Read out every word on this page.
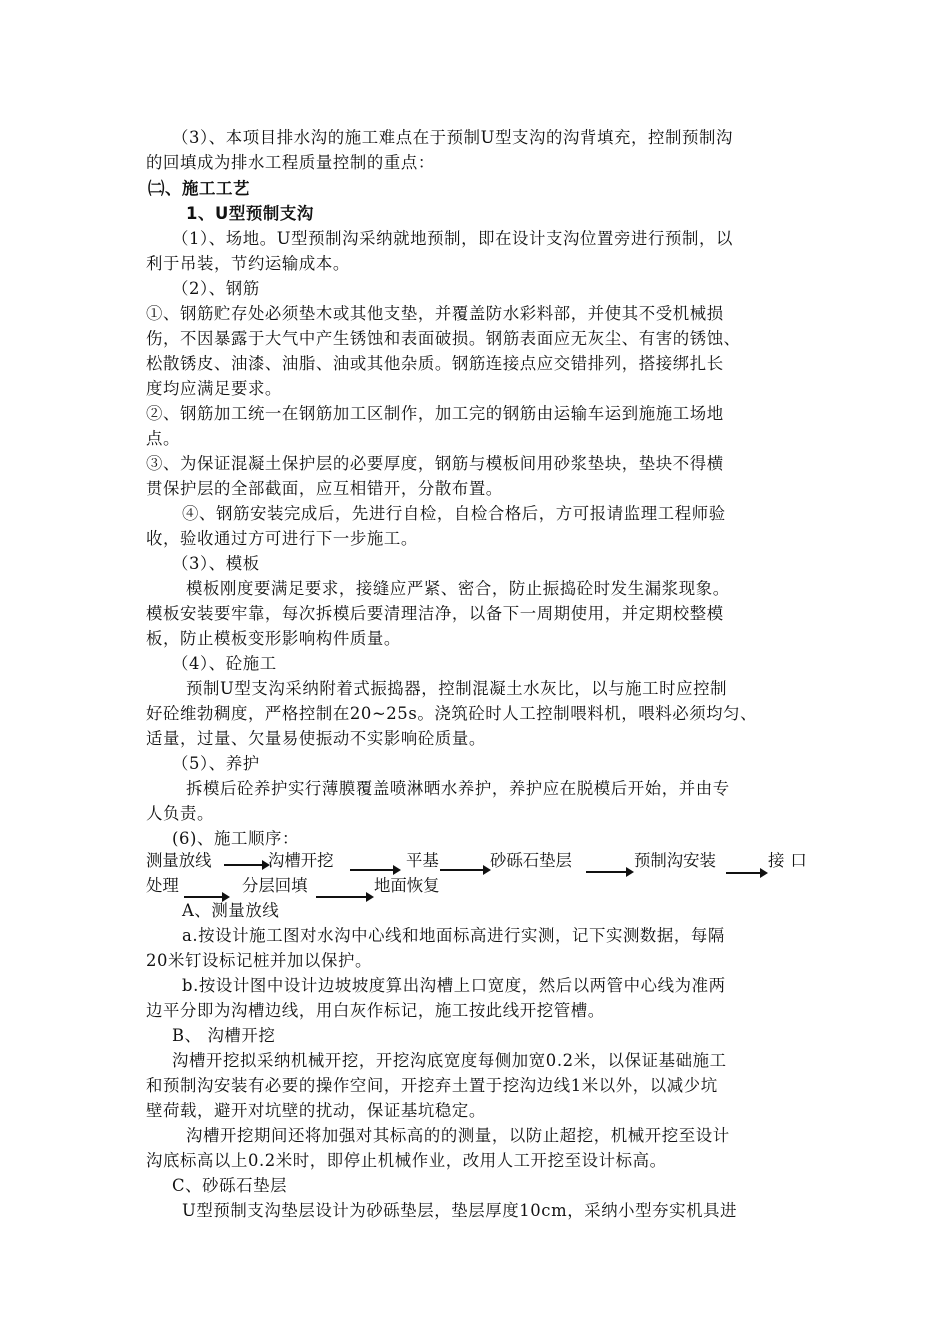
（3）、本项目排水沟的施工难点在于预制U型支沟的沟背填充，控制预制沟
的回填成为排水工程质量控制的重点：
㈡、施工工艺
1、U型预制支沟
（1）、场地。U型预制沟采纳就地预制，即在设计支沟位置旁进行预制，以
利于吊装，节约运输成本。
（2）、钢筋
①、钢筋贮存处必须垫木或其他支垫，并覆盖防水彩料部，并使其不受机械损
伤，不因暴露于大气中产生锈蚀和表面破损。钢筋表面应无灰尘、有害的锈蚀、
松散锈皮、油漆、油脂、油或其他杂质。钢筋连接点应交错排列，搭接绑扎长
度均应满足要求。
②、钢筋加工统一在钢筋加工区制作，加工完的钢筋由运输车运到施施工场地
点。
③、为保证混凝土保护层的必要厚度，钢筋与模板间用砂浆垫块，垫块不得横
贯保护层的全部截面，应互相错开，分散布置。
④、钢筋安装完成后，先进行自检，自检合格后，方可报请监理工程师验
收，验收通过方可进行下一步施工。
（3）、模板
模板刚度要满足要求，接缝应严紧、密合，防止振捣砼时发生漏浆现象。
模板安装要牢靠，每次拆模后要清理洁净，以备下一周期使用，并定期校整模
板，防止模板变形影响构件质量。
（4）、砼施工
预制U型支沟采纳附着式振捣器，控制混凝土水灰比，以与施工时应控制
好砼维勃稠度，严格控制在20~25s。浇筑砼时人工控制喂料机，喂料必须均匀、
适量，过量、欠量易使振动不实影响砼质量。
（5）、养护
拆模后砼养护实行薄膜覆盖喷淋晒水养护，养护应在脱模后开始，并由专
人负责。
(6)、施工顺序：
测量放线	沟槽开挖	平基	砂砾石垫层	预制沟安装	接口
处理	分层回填	地面恢复
A、测量放线
a.按设计施工图对水沟中心线和地面标高进行实测，记下实测数据，每隔
20米钉设标记桩并加以保护。
b.按设计图中设计边坡坡度算出沟槽上口宽度，然后以两管中心线为准两
边平分即为沟槽边线，用白灰作标记，施工按此线开挖管槽。
B、 沟槽开挖
沟槽开挖拟采纳机械开挖，开挖沟底宽度每侧加宽0.2米，以保证基础施工
和预制沟安装有必要的操作空间，开挖弃土置于挖沟边线1米以外，以减少坑
壁荷载，避开对坑壁的扰动，保证基坑稳定。
沟槽开挖期间还将加强对其标高的的测量，以防止超挖，机械开挖至设计
沟底标高以上0.2米时，即停止机械作业，改用人工开挖至设计标高。
C、砂砾石垫层
U型预制支沟垫层设计为砂砾垫层，垫层厚度10cm，采纳小型夯实机具进
